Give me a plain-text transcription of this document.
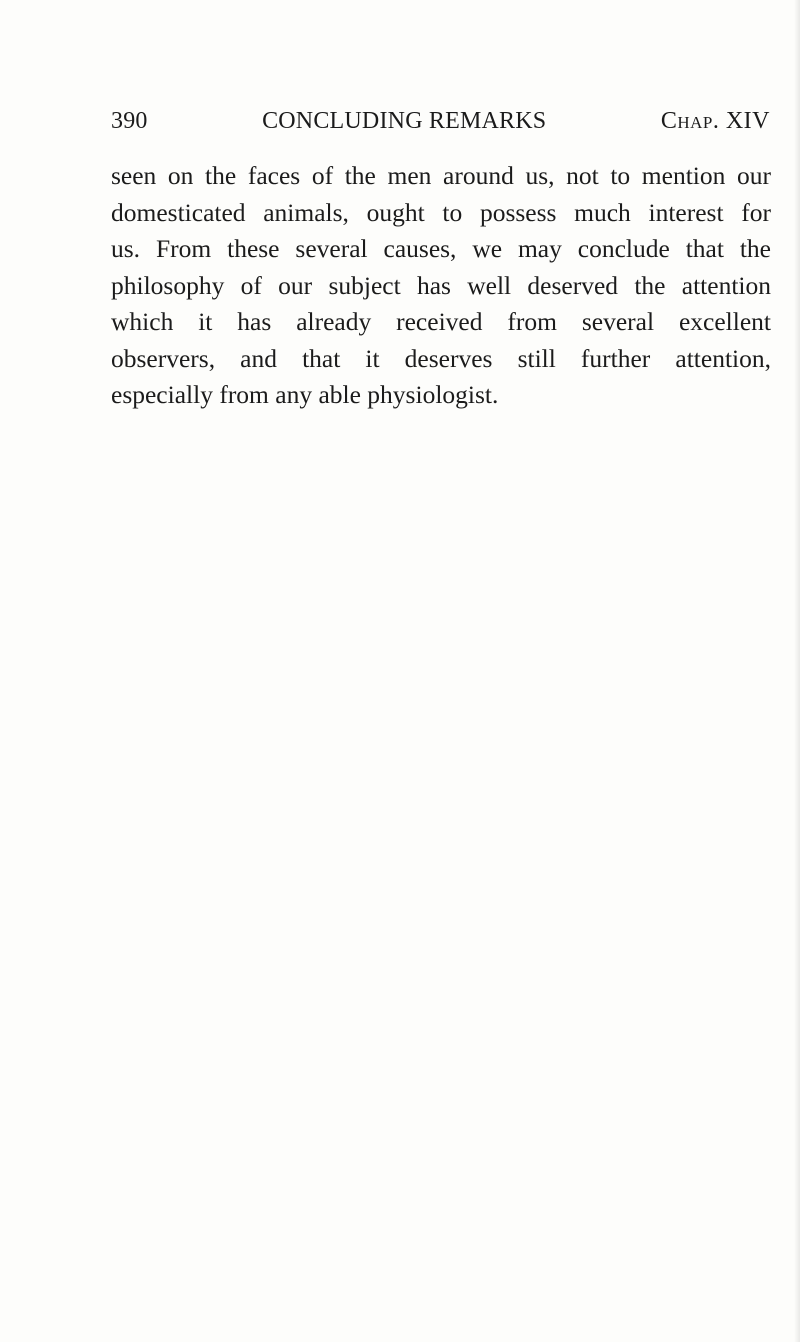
390	CONCLUDING REMARKS	Chap. XIV
seen on the faces of the men around us, not to mention our
domesticated animals, ought to possess much interest for
us. From these several causes, we may conclude that the
philosophy of our subject has well deserved the attention
which it has already received from several excellent
observers, and that it deserves still further attention,
especially from any able physiologist.
